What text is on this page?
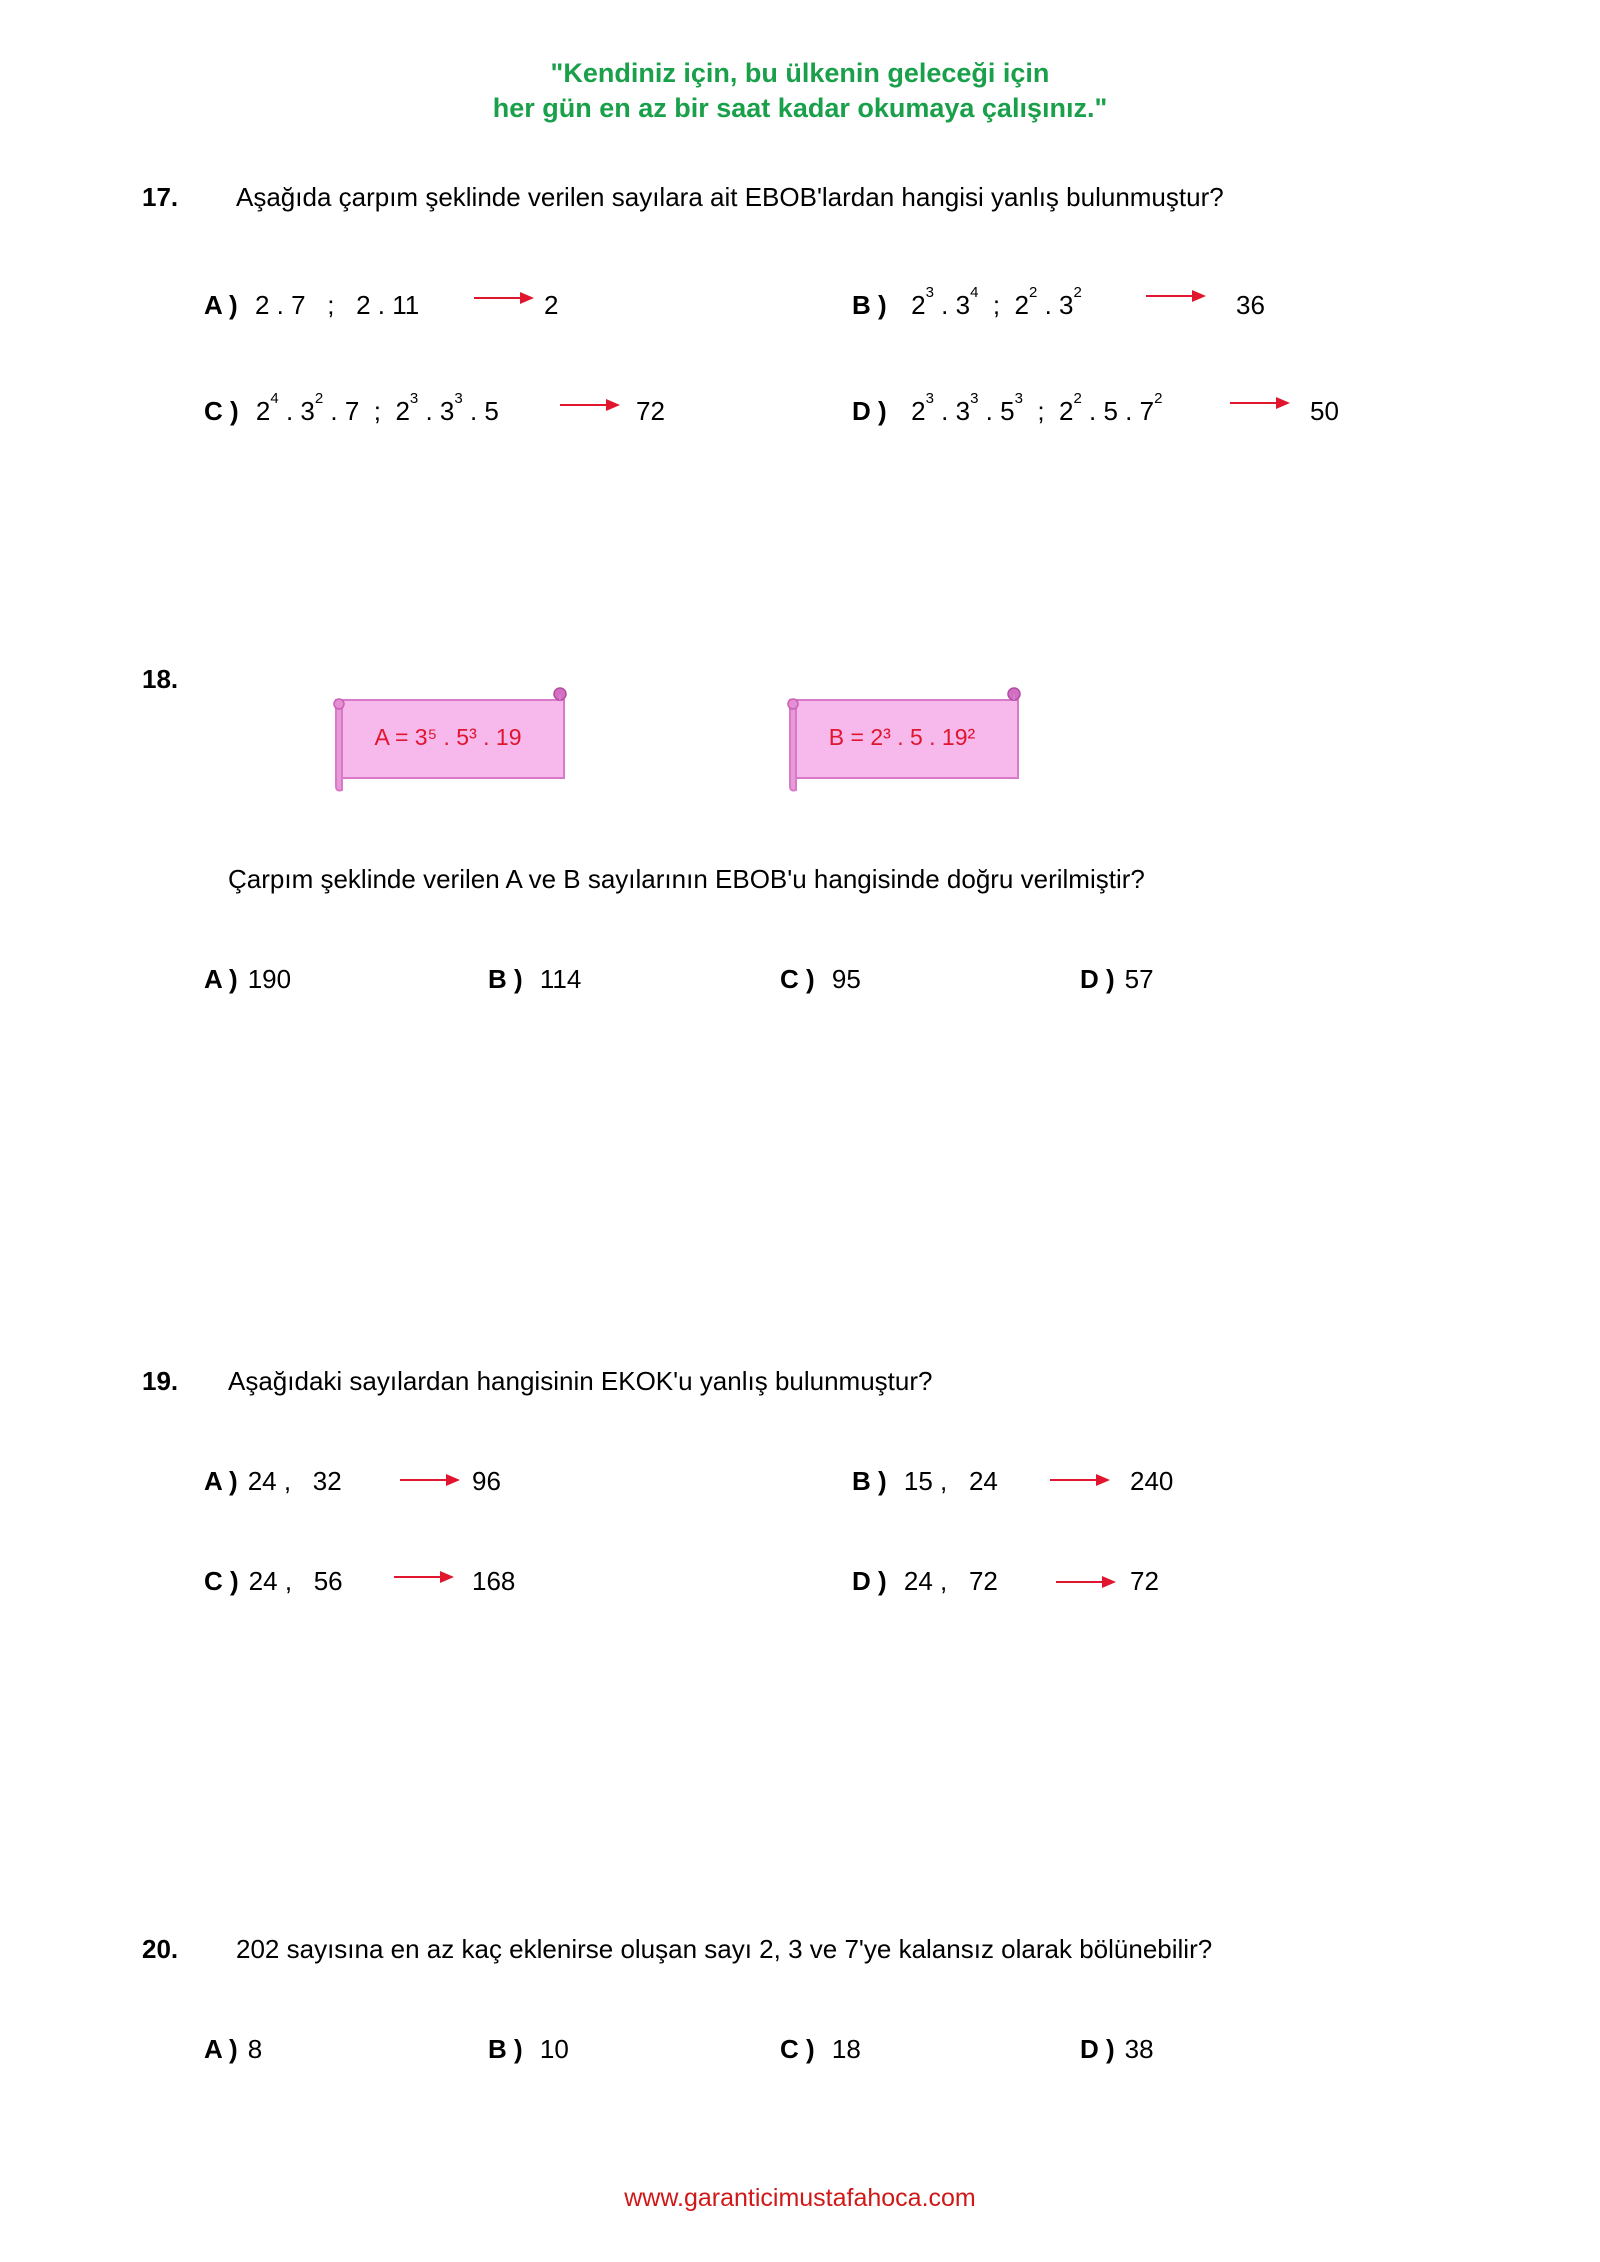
"Kendiniz için, bu ülkenin geleceği için
her gün en az bir saat kadar okumaya çalışınız."
17. Aşağıda çarpım şeklinde verilen sayılara ait EBOB'lardan hangisi yanlış bulunmuştur?
A ) 2 . 7   ;   2 . 11	2	B )  $2^3$ . $3^4$  ;  $2^2$ . $3^2$	36
C ) $2^4$ . $3^2$ . 7  ;  $2^3$ . $3^3$ . 5	72	D )  $2^3$ . $3^3$ . $5^3$  ;  $2^2$ . 5 . $7^2$	50
18.
A = 3⁵ . 5³ . 19	B = 2³ . 5 . 19²
Çarpım şeklinde verilen A ve B sayılarının EBOB'u hangisinde doğru verilmiştir?
A ) 190	B ) 114	C ) 95	D ) 57
19. Aşağıdaki sayılardan hangisinin EKOK'u yanlış bulunmuştur?
A ) 24 , 32	96	B ) 15 , 24	240
C ) 24 , 56	168	D ) 24 , 72	72
20. 202 sayısına en az kaç eklenirse oluşan sayı 2, 3 ve 7'ye kalansız olarak bölünebilir?
A ) 8	B ) 10	C ) 18	D ) 38
www.garanticimustafahoca.com
